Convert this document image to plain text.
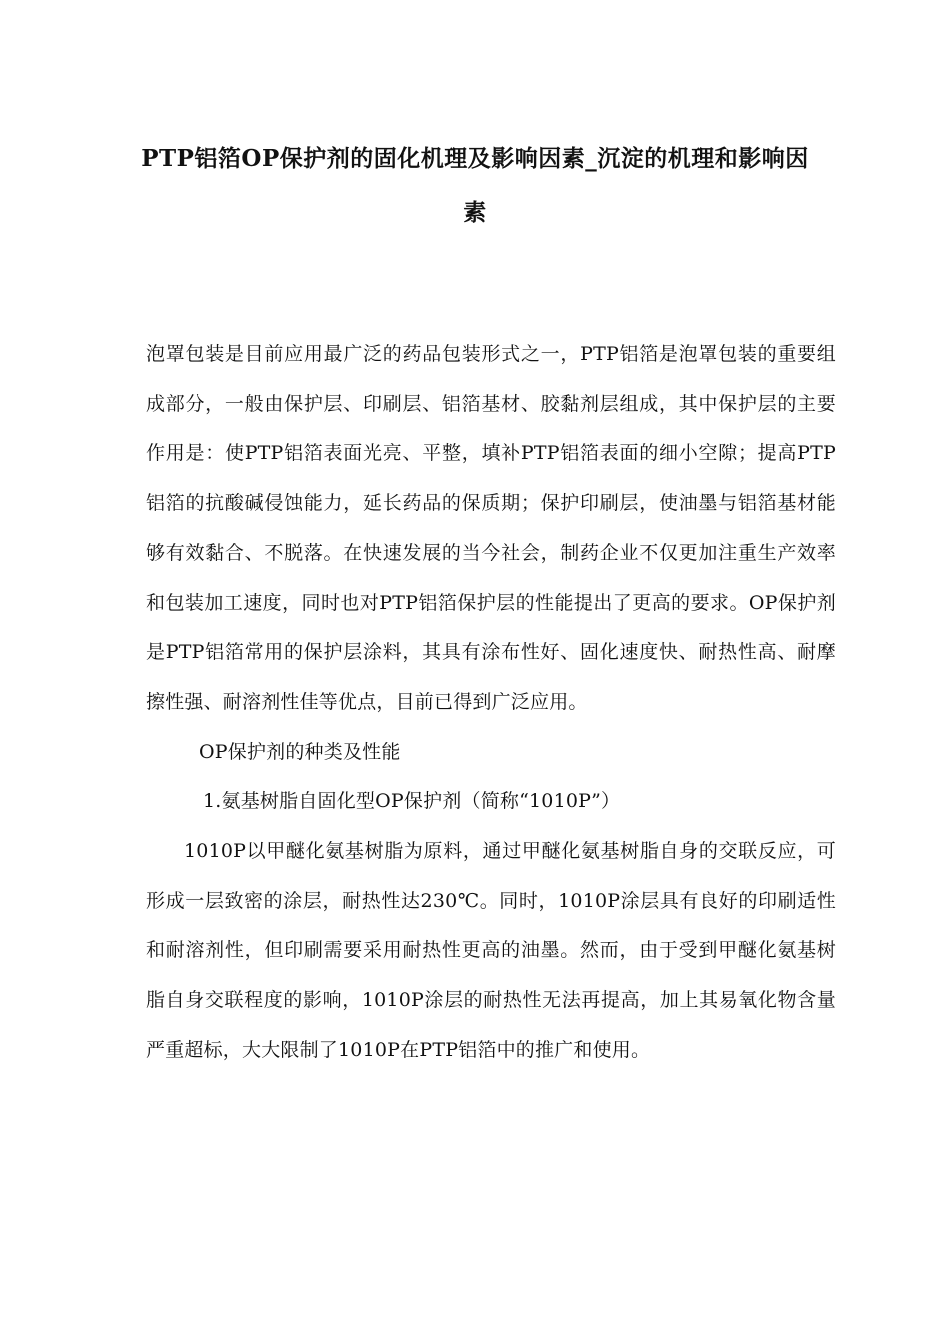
PTP铝箔OP保护剂的固化机理及影响因素_沉淀的机理和影响因素

泡罩包装是目前应用最广泛的药品包装形式之一，PTP铝箔是泡罩包装的重要组成部分，一般由保护层、印刷层、铝箔基材、胶黏剂层组成，其中保护层的主要作用是：使PTP铝箔表面光亮、平整，填补PTP铝箔表面的细小空隙；提高PTP铝箔的抗酸碱侵蚀能力，延长药品的保质期；保护印刷层，使油墨与铝箔基材能够有效黏合、不脱落。在快速发展的当今社会，制药企业不仅更加注重生产效率和包装加工速度，同时也对PTP铝箔保护层的性能提出了更高的要求。OP保护剂是PTP铝箔常用的保护层涂料，其具有涂布性好、固化速度快、耐热性高、耐摩擦性强、耐溶剂性佳等优点，目前已得到广泛应用。

OP保护剂的种类及性能

1.氨基树脂自固化型OP保护剂（简称“1010P”）

1010P以甲醚化氨基树脂为原料，通过甲醚化氨基树脂自身的交联反应，可形成一层致密的涂层，耐热性达230℃。同时，1010P涂层具有良好的印刷适性和耐溶剂性，但印刷需要采用耐热性更高的油墨。然而，由于受到甲醚化氨基树脂自身交联程度的影响，1010P涂层的耐热性无法再提高，加上其易氧化物含量严重超标，大大限制了1010P在PTP铝箔中的推广和使用。
